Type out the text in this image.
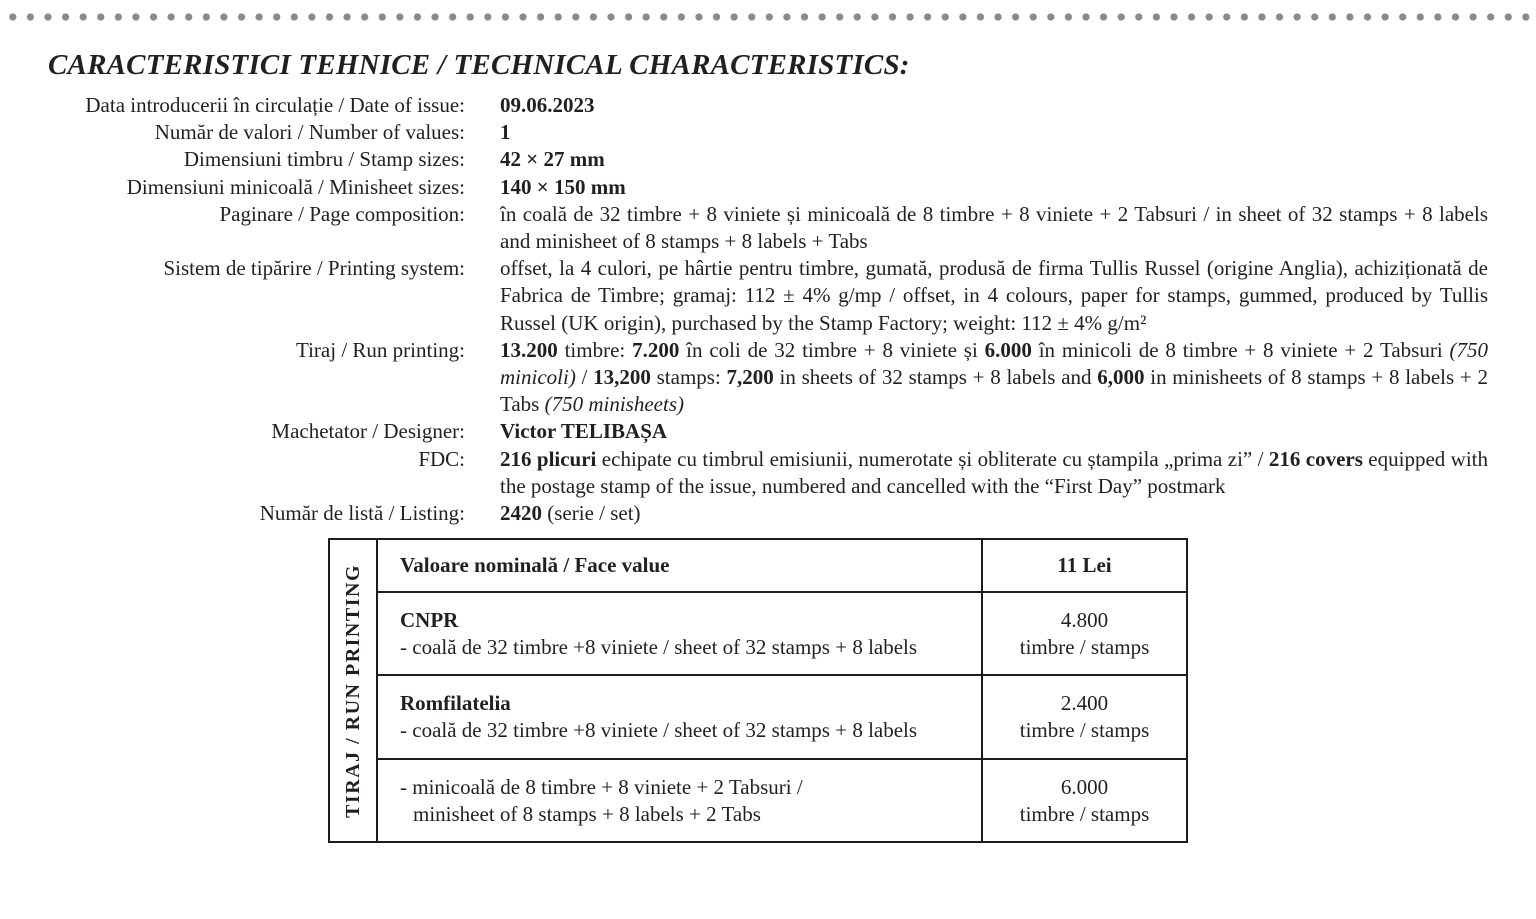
CARACTERISTICI TEHNICE / TECHNICAL CHARACTERISTICS:
Data introducerii în circulație / Date of issue: 09.06.2023
Număr de valori / Number of values: 1
Dimensiuni timbru / Stamp sizes: 42 × 27 mm
Dimensiuni minicoală / Minisheet sizes: 140 × 150 mm
Paginare / Page composition: în coală de 32 timbre + 8 viniete și minicoală de 8 timbre + 8 viniete + 2 Tabsuri / in sheet of 32 stamps + 8 labels and minisheet of 8 stamps + 8 labels + Tabs
Sistem de tipărire / Printing system: offset, la 4 culori, pe hârtie pentru timbre, gumată, produsă de firma Tullis Russel (origine Anglia), achiziționată de Fabrica de Timbre; gramaj: 112 ± 4% g/mp / offset, in 4 colours, paper for stamps, gummed, produced by Tullis Russel (UK origin), purchased by the Stamp Factory; weight: 112 ± 4% g/m²
Tiraj / Run printing: 13.200 timbre: 7.200 în coli de 32 timbre + 8 viniete și 6.000 în minicoli de 8 timbre + 8 viniete + 2 Tabsuri (750 minicoli) / 13,200 stamps: 7,200 in sheets of 32 stamps + 8 labels and 6,000 in minisheets of 8 stamps + 8 labels + 2 Tabs (750 minisheets)
Machetator / Designer: Victor TELIBAȘA
FDC: 216 plicuri echipate cu timbrul emisiunii, numerotate și obliterate cu ștampila „prima zi” / 216 covers equipped with the postage stamp of the issue, numbered and cancelled with the “First Day” postmark
Număr de listă / Listing: 2420 (serie / set)
TIRAJ / RUN PRINTING	Valoare nominală / Face value	11 Lei
CNPR
- coală de 32 timbre +8 viniete / sheet of 32 stamps + 8 labels
4.800
timbre / stamps
Romfilatelia
- coală de 32 timbre +8 viniete / sheet of 32 stamps + 8 labels
2.400
timbre / stamps
- minicoală de 8 timbre + 8 viniete + 2 Tabsuri /
minisheet of 8 stamps + 8 labels + 2 Tabs
6.000
timbre / stamps
